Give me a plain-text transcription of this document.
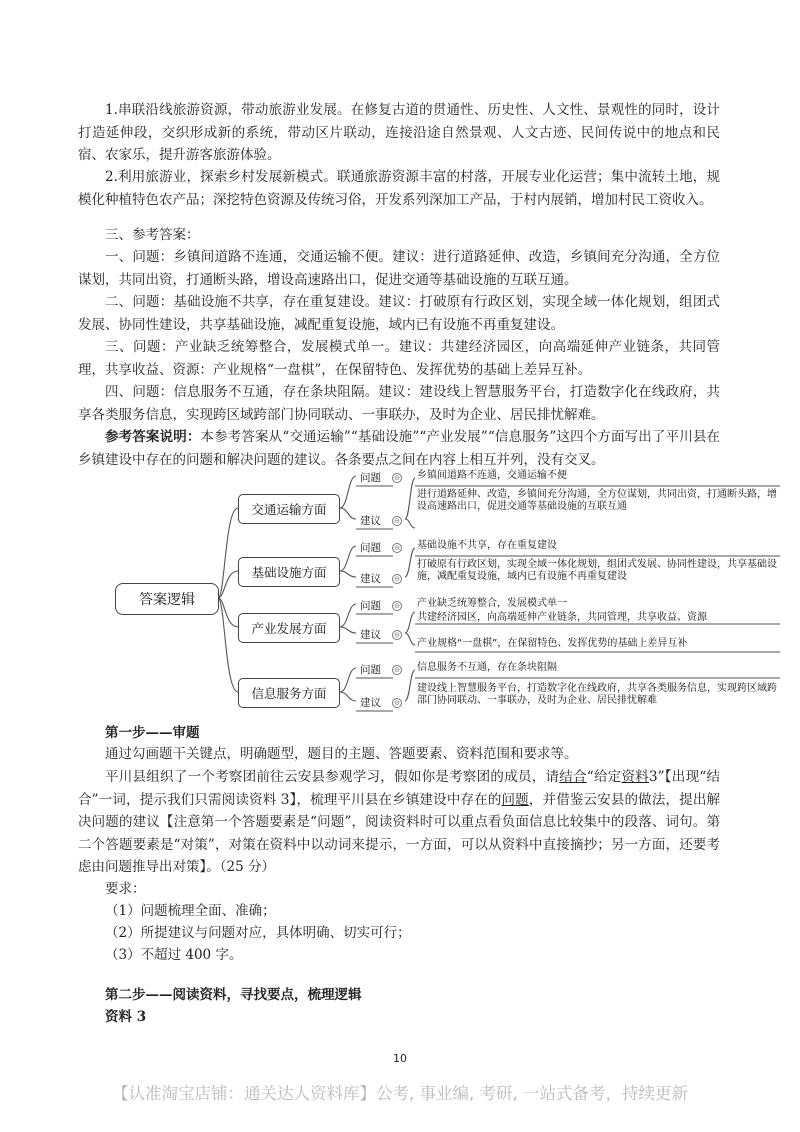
1.串联沿线旅游资源，带动旅游业发展。在修复古道的贯通性、历史性、人文性、景观性的同时，设计打造延伸段，交织形成新的系统，带动区片联动，连接沿途自然景观、人文古迹、民间传说中的地点和民宿、农家乐，提升游客旅游体验。

2.利用旅游业，探索乡村发展新模式。联通旅游资源丰富的村落，开展专业化运营；集中流转土地，规模化种植特色农产品；深挖特色资源及传统习俗，开发系列深加工产品，于村内展销，增加村民工资收入。

三、参考答案：

一、问题：乡镇间道路不连通，交通运输不便。建议：进行道路延伸、改造，乡镇间充分沟通，全方位谋划，共同出资，打通断头路，增设高速路出口，促进交通等基础设施的互联互通。

二、问题：基础设施不共享，存在重复建设。建议：打破原有行政区划，实现全域一体化规划，组团式发展、协同性建设，共享基础设施，减配重复设施，域内已有设施不再重复建设。

三、问题：产业缺乏统筹整合，发展模式单一。建议：共建经济园区，向高端延伸产业链条，共同管理，共享收益、资源：产业规格“一盘棋”，在保留特色、发挥优势的基础上差异互补。

四、问题：信息服务不互通，存在条块阻隔。建议：建设线上智慧服务平台，打造数字化在线政府，共享各类服务信息，实现跨区域跨部门协同联动、一事联办，及时为企业、居民排忧解难。

参考答案说明：本参考答案从“交通运输”“基础设施”“产业发展”“信息服务”这四个方面写出了平川县在乡镇建设中存在的问题和解决问题的建议。各条要点之间在内容上相互并列，没有交叉。

答案逻辑
交通运输方面
基础设施方面
产业发展方面
信息服务方面
问题 ⊖ 乡镇间道路不连通，交通运输不便
建议 ⊖
进行道路延伸、改造，乡镇间充分沟通，全方位谋划，共同出资，打通断头路，增设高速路出口，促进交通等基础设施的互联互通
问题 ⊖ 基础设施不共享，存在重复建设
建议 ⊖
打破原有行政区划，实现全域一体化规划，组团式发展、协同性建设，共享基础设施，减配重复设施，域内已有设施不再重复建设
问题 ⊖ 产业缺乏统筹整合，发展模式单一
建议 ⊖
共建经济园区，向高端延伸产业链条，共同管理，共享收益、资源
产业规格“一盘棋”，在保留特色、发挥优势的基础上差异互补
问题 ⊖ 信息服务不互通，存在条块阻隔
建议 ⊖
建设线上智慧服务平台，打造数字化在线政府，共享各类服务信息，实现跨区域跨部门协同联动、一事联办，及时为企业、居民排忧解难
第一步——审题

通过勾画题干关键点，明确题型，题目的主题、答题要素、资料范围和要求等。

平川县组织了一个考察团前往云安县参观学习，假如你是考察团的成员，请结合“给定资料3”【出现“结合”一词，提示我们只需阅读资料 3】，梳理平川县在乡镇建设中存在的问题，并借鉴云安县的做法，提出解决问题的建议【注意第一个答题要素是“问题”，阅读资料时可以重点看负面信息比较集中的段落、词句。第二个答题要素是“对策”，对策在资料中以动词来提示，一方面，可以从资料中直接摘抄；另一方面，还要考虑由问题推导出对策】。（25 分）

要求：

（1）问题梳理全面、准确；

（2）所提建议与问题对应，具体明确、切实可行；

（3）不超过 400 字。

第二步——阅读资料，寻找要点，梳理逻辑
资料 3
10
【认准淘宝店铺：通关达人资料库】公考, 事业编, 考研, 一站式备考，持续更新
